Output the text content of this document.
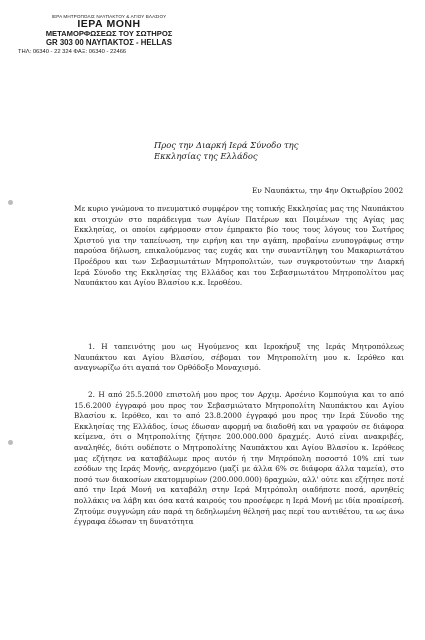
ΙΕΡΑ ΜΗΤΡΟΠΟΛΙΣ ΝΑΥΠΑΚΤΟΥ & ΑΓΙΟΥ ΒΛΑΣΙΟΥ
ΙΕΡΑ ΜΟΝΗ
ΜΕΤΑΜΟΡΦΩΣΕΩΣ ΤΟΥ ΣΩΤΗΡΟΣ
GR 303 00 ΝΑΥΠΑΚΤΟΣ - HELLAS
ΤΗΛ: 06340 - 22 324 ΦΑΞ: 06340 - 22466
Προς την Διαρκή Ιερά Σύνοδο της
Εκκλησίας της Ελλάδος
Εν Ναυπάκτω, την 4ην Οκτωβρίου 2002
Με κυριο γνώμονα το πνευματικό συμφέρον της τοπικής Εκκλησίας μας της Ναυπάκτου και στοιχών στο παράδειγμα των Αγίων Πατέρων και Ποιμένων της Αγίας μας Εκκλησίας, οι οποίοι εφήρμοσαν στον έμπρακτο βίο τους τους λόγους του Σωτήρος Χριστού για την ταπείνωση, την ειρήνη και την αγάπη, προβαίνω ενυπογράφως στην παρούσα δήλωση, επικαλούμενος τας ευχάς και την συναντίληψη του Μακαριωτάτου Προέδρου και των Σεβασμιωτάτων Μητροπολιτών, των συγκροτούντων την Διαρκή Ιερά Σύνοδο της Εκκλησίας της Ελλάδος και του Σεβασμιωτάτου Μητροπολίτου μας Ναυπάκτου και Αγίου Βλασίου κ.κ. Ιεροθέου.
1. Η ταπεινότης μου ως Ηγούμενος και Ιεροκήρυξ της Ιεράς Μητροπόλεως Ναυπάκτου και Αγίου Βλασίου, σέβομαι τον Μητροπολίτη μου κ. Ιερόθεο και αναγνωρίζω ότι αγαπά τον Ορθόδοξο Μοναχισμό.
2. Η από 25.5.2000 επιστολή μου προς τον Αρχιμ. Αρσένιο Κομπούγια και το από 15.6.2000 έγγραφό μου προς τον Σεβασμιώτατο Μητροπολίτη Ναυπάκτου και Αγίου Βλασίου κ. Ιερόθεο, και το από 23.8.2000 έγγραφό μου προς την Ιερά Σύνοδο της Εκκλησίας της Ελλάδος, ίσως έδωσαν αφορμή να διαδοθή και να γραφούν σε διάφορα κείμενα, ότι ο Μητροπολίτης ζήτησε 200.000.000 δραχμές. Αυτό είναι ανακριβές, αναληθές, διότι ουδέποτε ο Μητροπολίτης Ναυπάκτου και Αγίου Βλασίου κ. Ιερόθεος μας εζήτησε να καταβάλωμε προς αυτόν ή την Μητρόπολη ποσοστό 10% επί των εσόδων της Ιεράς Μονής, ανερχόμενο (μαζί με άλλα 6% σε διάφορα άλλα ταμεία), στο ποσό των διακοσίων εκατομμυρίων (200.000.000) δραχμών, αλλ' ούτε και εζήτησε ποτέ από την Ιερά Μονή να καταβάλη στην Ιερά Μητρόπολη οιαδήποτε ποσά, αρνηθείς πολλάκις να λάβη και όσα κατά καιρούς του προσέφερε η Ιερά Μονή με ιδία προαίρεσή. Ζητούμε συγγνώμη εάν παρά τη δεδηλωμένη θέλησή μας περί του αντιθέτου, τα ως άνω έγγραφα έδωσαν τη δυνατότητα
